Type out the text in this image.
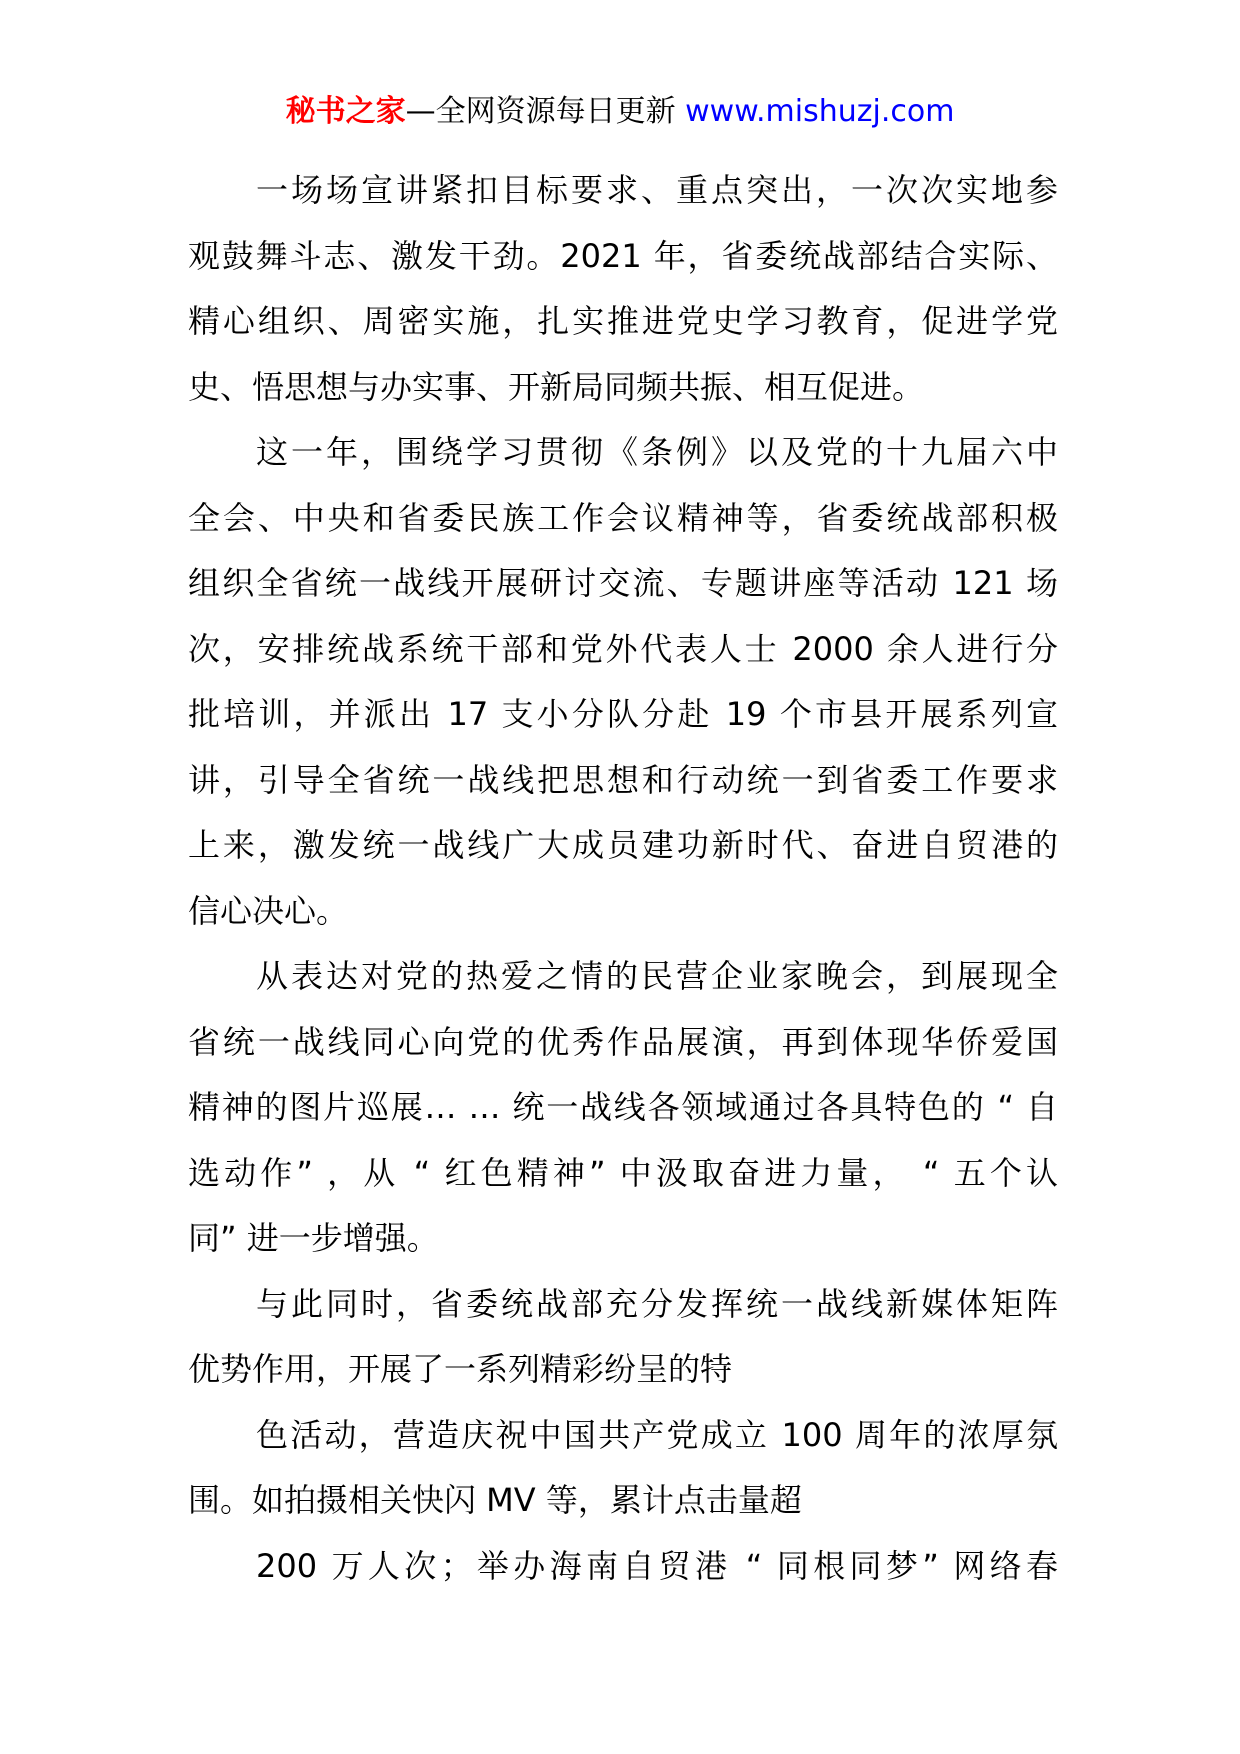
秘书之家—全网资源每日更新 www.mishuzj.com
一场场宣讲紧扣目标要求、重点突出，一次次实地参
观鼓舞斗志、激发干劲。2021 年，省委统战部结合实际、
精心组织、周密实施，扎实推进党史学习教育，促进学党
史、悟思想与办实事、开新局同频共振、相互促进。
这一年，围绕学习贯彻《条例》以及党的十九届六中
全会、中央和省委民族工作会议精神等，省委统战部积极
组织全省统一战线开展研讨交流、专题讲座等活动 121 场
次，安排统战系统干部和党外代表人士 2000 余人进行分
批培训，并派出 17 支小分队分赴 19 个市县开展系列宣
讲，引导全省统一战线把思想和行动统一到省委工作要求
上来，激发统一战线广大成员建功新时代、奋进自贸港的
信心决心。
从表达对党的热爱之情的民营企业家晚会，到展现全
省统一战线同心向党的优秀作品展演，再到体现华侨爱国
精神的图片巡展… … 统一战线各领域通过各具特色的 “ 自
选动作” ，从 “ 红色精神” 中汲取奋进力量， “ 五个认
同” 进一步增强。
与此同时，省委统战部充分发挥统一战线新媒体矩阵
优势作用，开展了一系列精彩纷呈的特
色活动，营造庆祝中国共产党成立 100 周年的浓厚氛
围。如拍摄相关快闪 MV 等，累计点击量超
200 万人次；举办海南自贸港 “ 同根同梦” 网络春
